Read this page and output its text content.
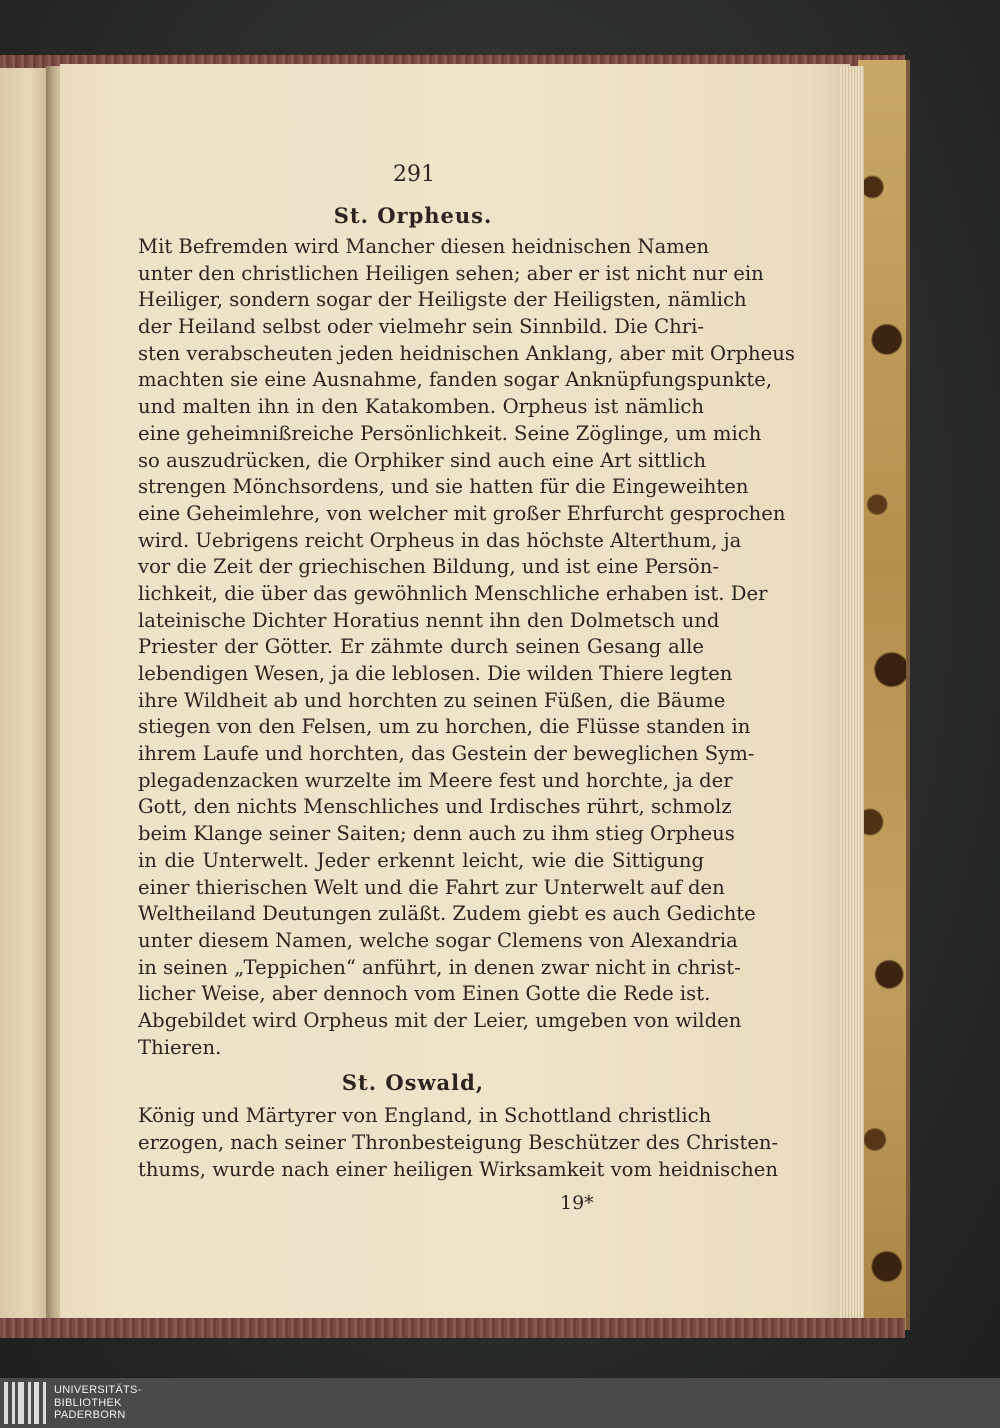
291
St. Orpheus.
Mit Befremden wird Mancher diesen heidnischen Namen
unter den christlichen Heiligen sehen; aber er ist nicht nur ein
Heiliger, sondern sogar der Heiligste der Heiligsten, nämlich
der Heiland selbst oder vielmehr sein Sinnbild. Die Chri-
sten verabscheuten jeden heidnischen Anklang, aber mit Orpheus
machten sie eine Ausnahme, fanden sogar Anknüpfungspunkte,
und malten ihn in den Katakomben. Orpheus ist nämlich
eine geheimnißreiche Persönlichkeit. Seine Zöglinge, um mich
so auszudrücken, die Orphiker sind auch eine Art sittlich
strengen Mönchsordens, und sie hatten für die Eingeweihten
eine Geheimlehre, von welcher mit großer Ehrfurcht gesprochen
wird. Uebrigens reicht Orpheus in das höchste Alterthum, ja
vor die Zeit der griechischen Bildung, und ist eine Persön-
lichkeit, die über das gewöhnlich Menschliche erhaben ist. Der
lateinische Dichter Horatius nennt ihn den Dolmetsch und
Priester der Götter. Er zähmte durch seinen Gesang alle
lebendigen Wesen, ja die leblosen. Die wilden Thiere legten
ihre Wildheit ab und horchten zu seinen Füßen, die Bäume
stiegen von den Felsen, um zu horchen, die Flüsse standen in
ihrem Laufe und horchten, das Gestein der beweglichen Sym-
plegadenzacken wurzelte im Meere fest und horchte, ja der
Gott, den nichts Menschliches und Irdisches rührt, schmolz
beim Klange seiner Saiten; denn auch zu ihm stieg Orpheus
in die Unterwelt. Jeder erkennt leicht, wie die Sittigung
einer thierischen Welt und die Fahrt zur Unterwelt auf den
Weltheiland Deutungen zuläßt. Zudem giebt es auch Gedichte
unter diesem Namen, welche sogar Clemens von Alexandria
in seinen „Teppichen“ anführt, in denen zwar nicht in christ-
licher Weise, aber dennoch vom Einen Gotte die Rede ist.
Abgebildet wird Orpheus mit der Leier, umgeben von wilden
Thieren.
St. Oswald,
König und Märtyrer von England, in Schottland christlich
erzogen, nach seiner Thronbesteigung Beschützer des Christen-
thums, wurde nach einer heiligen Wirksamkeit vom heidnischen
19*
UNIVERSITÄTS-
BIBLIOTHEK
PADERBORN
